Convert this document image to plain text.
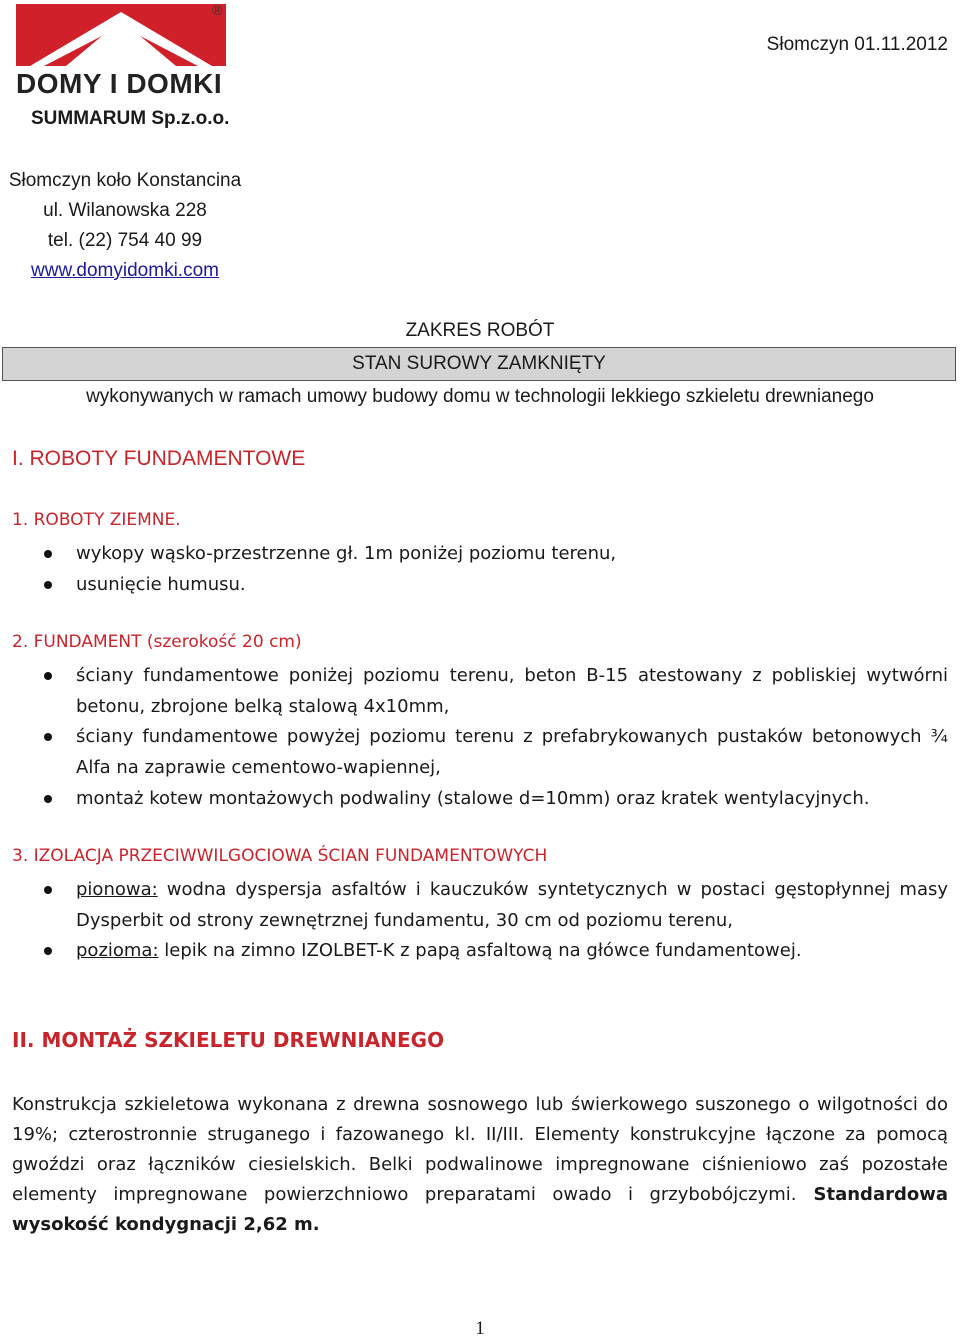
®
DOMY I DOMKI
Słomczyn 01.11.2012
SUMMARUM Sp.z.o.o.
Słomczyn koło Konstancina
ul. Wilanowska 228
tel. (22) 754 40 99
www.domyidomki.com
ZAKRES ROBÓT
STAN SUROWY ZAMKNIĘTY
wykonywanych w ramach umowy budowy domu w technologii lekkiego szkieletu drewnianego
I. ROBOTY FUNDAMENTOWE
1. ROBOTY ZIEMNE.
wykopy wąsko-przestrzenne gł. 1m poniżej poziomu terenu,
usunięcie humusu.
2. FUNDAMENT (szerokość 20 cm)
ściany fundamentowe poniżej poziomu terenu, beton B-15 atestowany z pobliskiej wytwórni betonu, zbrojone belką stalową 4x10mm,
ściany fundamentowe powyżej poziomu terenu z prefabrykowanych pustaków betonowych ¾ Alfa na zaprawie cementowo-wapiennej,
montaż kotew montażowych podwaliny (stalowe d=10mm) oraz kratek wentylacyjnych.
3. IZOLACJA PRZECIWWILGOCIOWA ŚCIAN FUNDAMENTOWYCH
pionowa: wodna dyspersja asfaltów i kauczuków syntetycznych w postaci gęstopłynnej masy Dysperbit od strony zewnętrznej fundamentu, 30 cm od poziomu terenu,
pozioma: lepik na zimno IZOLBET-K z papą asfaltową na główce fundamentowej.
II. MONTAŻ SZKIELETU DREWNIANEGO
Konstrukcja szkieletowa wykonana z drewna sosnowego lub świerkowego suszonego o wilgotności do 19%; czterostronnie struganego i fazowanego kl. II/III. Elementy konstrukcyjne łączone za pomocą gwoździ oraz łączników ciesielskich. Belki podwalinowe impregnowane ciśnieniowo zaś pozostałe elementy impregnowane powierzchniowo preparatami owado i grzybobójczymi. Standardowa wysokość kondygnacji 2,62 m.
1
